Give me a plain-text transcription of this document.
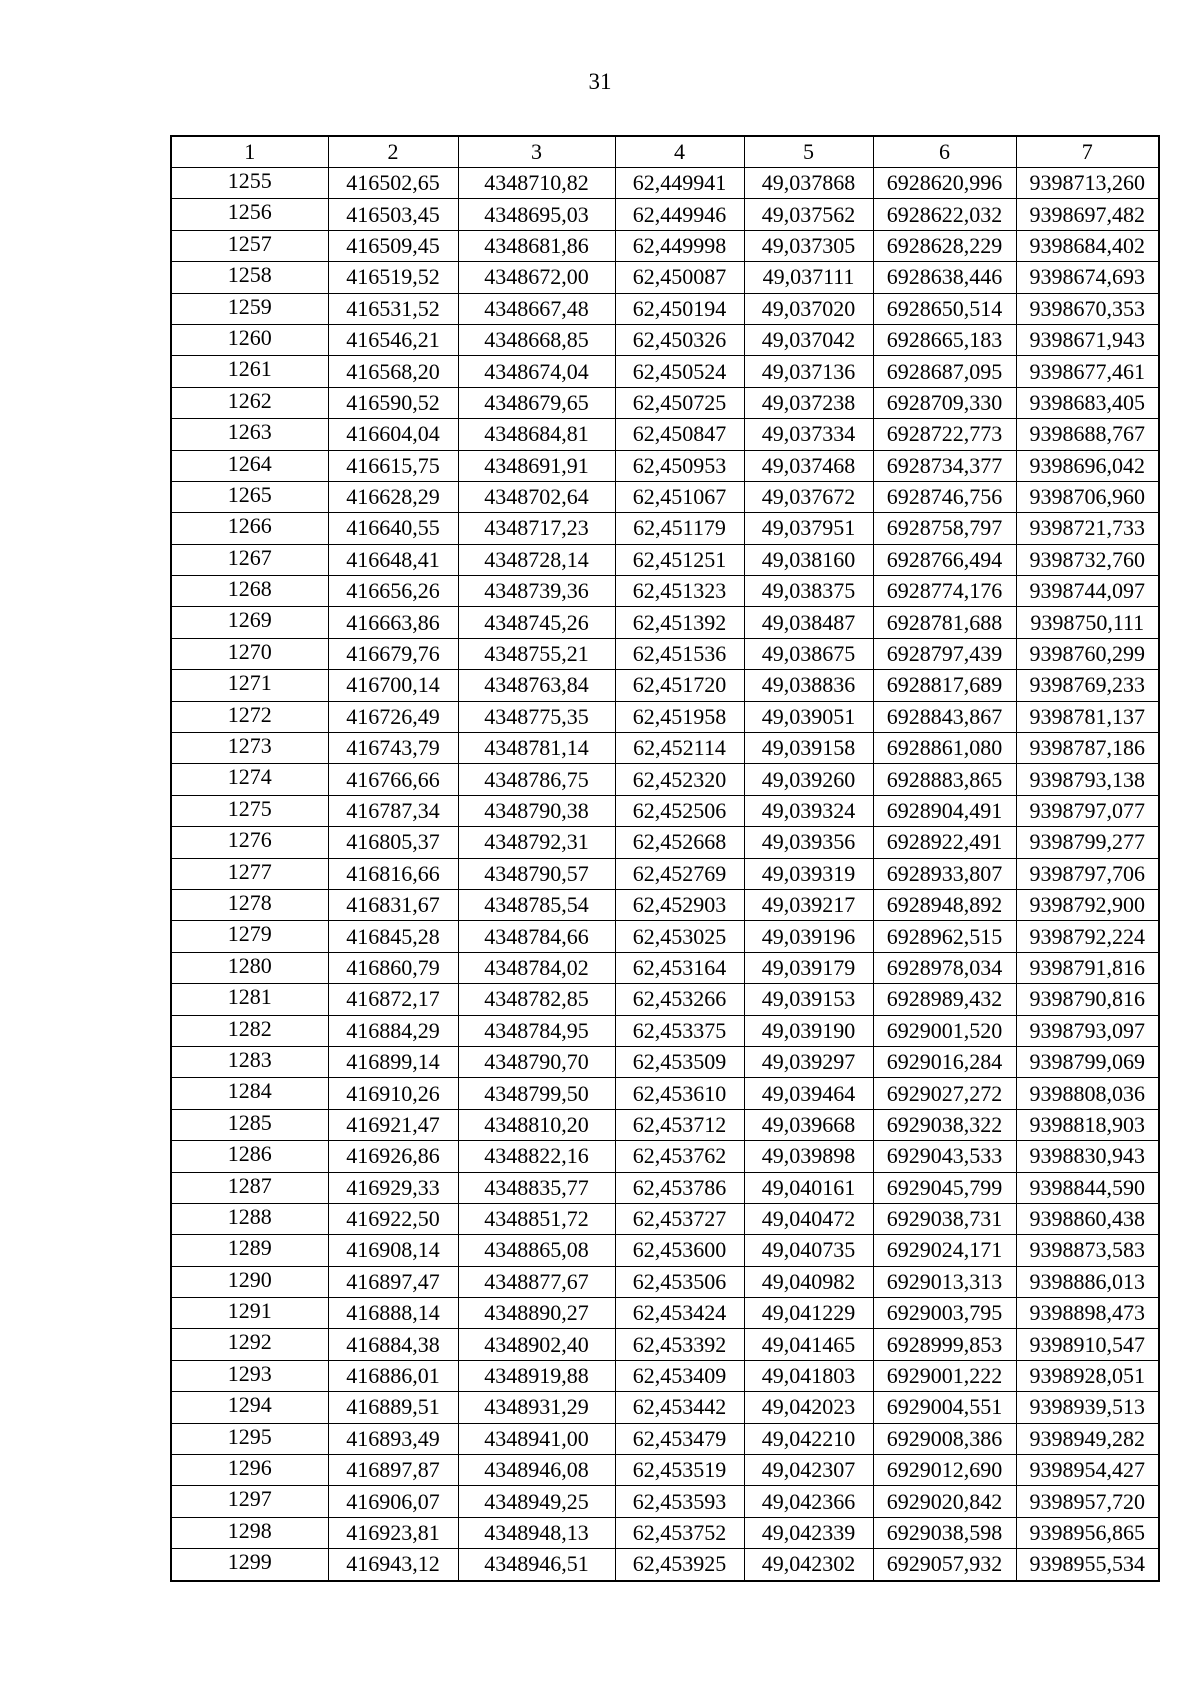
31
1	2	3	4	5	6	7
1255	416502,65	4348710,82	62,449941	49,037868	6928620,996	9398713,260
1256	416503,45	4348695,03	62,449946	49,037562	6928622,032	9398697,482
1257	416509,45	4348681,86	62,449998	49,037305	6928628,229	9398684,402
1258	416519,52	4348672,00	62,450087	49,037111	6928638,446	9398674,693
1259	416531,52	4348667,48	62,450194	49,037020	6928650,514	9398670,353
1260	416546,21	4348668,85	62,450326	49,037042	6928665,183	9398671,943
1261	416568,20	4348674,04	62,450524	49,037136	6928687,095	9398677,461
1262	416590,52	4348679,65	62,450725	49,037238	6928709,330	9398683,405
1263	416604,04	4348684,81	62,450847	49,037334	6928722,773	9398688,767
1264	416615,75	4348691,91	62,450953	49,037468	6928734,377	9398696,042
1265	416628,29	4348702,64	62,451067	49,037672	6928746,756	9398706,960
1266	416640,55	4348717,23	62,451179	49,037951	6928758,797	9398721,733
1267	416648,41	4348728,14	62,451251	49,038160	6928766,494	9398732,760
1268	416656,26	4348739,36	62,451323	49,038375	6928774,176	9398744,097
1269	416663,86	4348745,26	62,451392	49,038487	6928781,688	9398750,111
1270	416679,76	4348755,21	62,451536	49,038675	6928797,439	9398760,299
1271	416700,14	4348763,84	62,451720	49,038836	6928817,689	9398769,233
1272	416726,49	4348775,35	62,451958	49,039051	6928843,867	9398781,137
1273	416743,79	4348781,14	62,452114	49,039158	6928861,080	9398787,186
1274	416766,66	4348786,75	62,452320	49,039260	6928883,865	9398793,138
1275	416787,34	4348790,38	62,452506	49,039324	6928904,491	9398797,077
1276	416805,37	4348792,31	62,452668	49,039356	6928922,491	9398799,277
1277	416816,66	4348790,57	62,452769	49,039319	6928933,807	9398797,706
1278	416831,67	4348785,54	62,452903	49,039217	6928948,892	9398792,900
1279	416845,28	4348784,66	62,453025	49,039196	6928962,515	9398792,224
1280	416860,79	4348784,02	62,453164	49,039179	6928978,034	9398791,816
1281	416872,17	4348782,85	62,453266	49,039153	6928989,432	9398790,816
1282	416884,29	4348784,95	62,453375	49,039190	6929001,520	9398793,097
1283	416899,14	4348790,70	62,453509	49,039297	6929016,284	9398799,069
1284	416910,26	4348799,50	62,453610	49,039464	6929027,272	9398808,036
1285	416921,47	4348810,20	62,453712	49,039668	6929038,322	9398818,903
1286	416926,86	4348822,16	62,453762	49,039898	6929043,533	9398830,943
1287	416929,33	4348835,77	62,453786	49,040161	6929045,799	9398844,590
1288	416922,50	4348851,72	62,453727	49,040472	6929038,731	9398860,438
1289	416908,14	4348865,08	62,453600	49,040735	6929024,171	9398873,583
1290	416897,47	4348877,67	62,453506	49,040982	6929013,313	9398886,013
1291	416888,14	4348890,27	62,453424	49,041229	6929003,795	9398898,473
1292	416884,38	4348902,40	62,453392	49,041465	6928999,853	9398910,547
1293	416886,01	4348919,88	62,453409	49,041803	6929001,222	9398928,051
1294	416889,51	4348931,29	62,453442	49,042023	6929004,551	9398939,513
1295	416893,49	4348941,00	62,453479	49,042210	6929008,386	9398949,282
1296	416897,87	4348946,08	62,453519	49,042307	6929012,690	9398954,427
1297	416906,07	4348949,25	62,453593	49,042366	6929020,842	9398957,720
1298	416923,81	4348948,13	62,453752	49,042339	6929038,598	9398956,865
1299	416943,12	4348946,51	62,453925	49,042302	6929057,932	9398955,534
